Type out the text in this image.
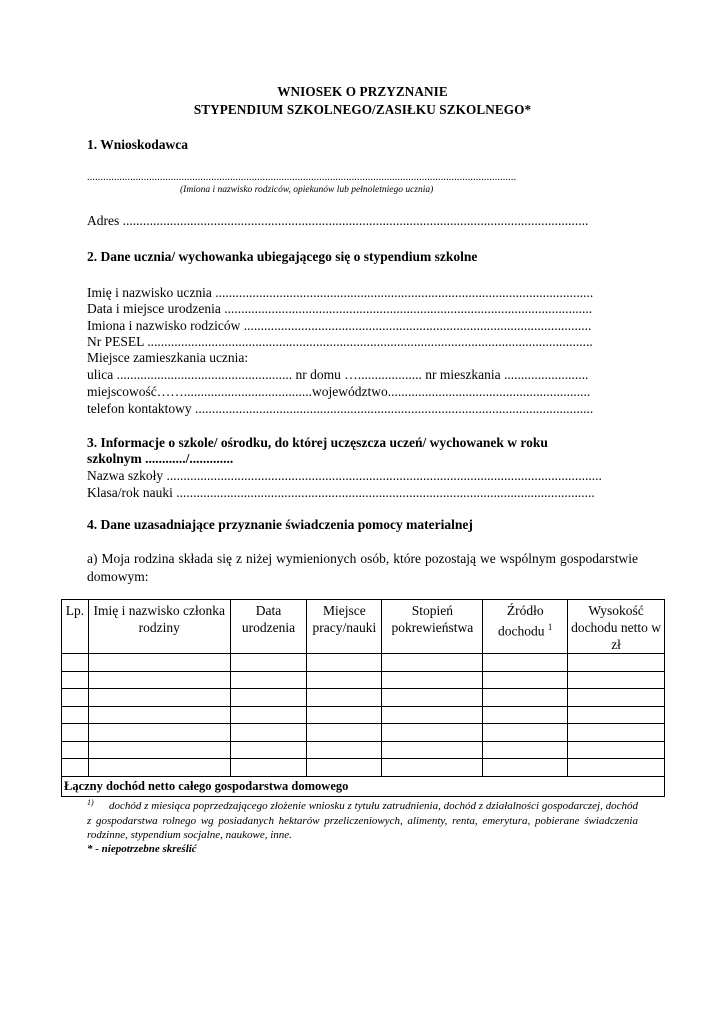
WNIOSEK O PRZYZNANIE
STYPENDIUM SZKOLNEGO/ZASIŁKU SZKOLNEGO*
1. Wnioskodawca
...............................................................................................................................................................
(Imiona i nazwisko rodziców, opiekunów lub pełnoletniego ucznia)
Adres ..........................................................................................................................................
2. Dane ucznia/ wychowanka ubiegającego się o stypendium szkolne
Imię i nazwisko ucznia ................................................................................................................
Data i miejsce urodzenia .............................................................................................................
Imiona i nazwisko rodziców .......................................................................................................
Nr PESEL ....................................................................................................................................
Miejsce zamieszkania ucznia:
ulica .................................................... nr domu …................... nr mieszkania .........................
miejscowość……......................................województwo............................................................
telefon kontaktowy ......................................................................................................................
3. Informacje o szkole/ ośrodku, do której uczęszcza uczeń/ wychowanek w roku
szkolnym ............/.............
Nazwa szkoły .................................................................................................................................
Klasa/rok nauki ............................................................................................................................
4. Dane uzasadniające przyznanie świadczenia pomocy materialnej
a) Moja rodzina składa się z niżej wymienionych osób, które pozostają we wspólnym gospodarstwie domowym:
Lp.	Imię i nazwisko członka rodziny	Data urodzenia	Miejsce pracy/nauki	Stopień pokrewieństwa	Źródło dochodu $^1$	Wysokość dochodu netto w zł

Łączny dochód netto całego gospodarstwa domowego						
1)	dochód z miesiąca poprzedzającego złożenie wniosku z tytułu zatrudnienia, dochód z działalności gospodarczej, dochód z gospodarstwa rolnego wg posiadanych hektarów przeliczeniowych, alimenty, renta, emerytura, pobierane świadczenia rodzinne, stypendium socjalne, naukowe, inne.
* - niepotrzebne skreślić
